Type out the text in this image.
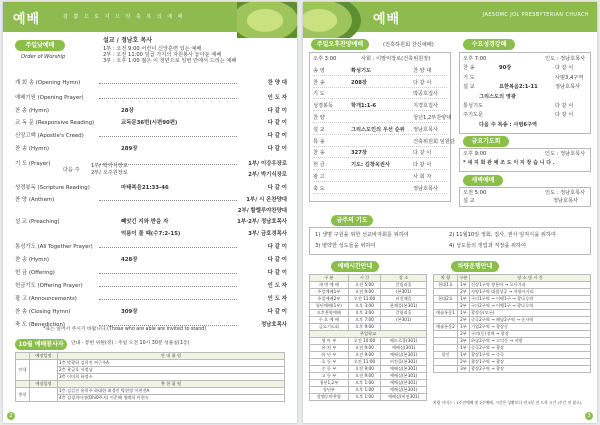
예배	감 쁨 으 로 지 으 라 축 복 의 예 배
주일낮예배
Order of Worship
설교 / 정남호 목사
1부 : 오전 9:00 어린이 신앙훈련 있는 예배
2부 : 오전 11:00 일곱 가지의 자원봉사 놓아둔 예배
3부 : 오후 1:00 젊은 이 청년으로 일번 안에서 드리는 예배
1부/ 박기식장로
2부/ 오주원장로
다음 주
*표는 일어서 주시기 바랍니다.(Those who are able are invited to stand)
10월 예배봉사자	안내 · 봉헌 위원(정) : 주일 오전 10시 30분 성물실(1층)
	예장일정	안 내 위 원
안내		1층 박광하 김희진 여근주A
		2층 곽금호 서정남
		3층 이미희 하정수
	예장일정	봉 헌 위 원
봉헌		1층 김길진 윤희주 하대한 최경진 박현정 이현진A
		4층 김경희아정(Ohi0주지) 이준혜 생례희 이현숙
2
개 회 송 (Opening Hymn)	찬 양 대
예배기원 (Opening Prayer)	인 도 자
찬 송 (Hymn)	28장	다 같 이
교 독 문 (Responsive Reading)	교독문36번(시편90편)	다 같 이
신앙고백 (Apostle's Creed)	다 같 이
찬 송 (Hymn)	289장	다 같 이
기 도 (Prayer)	1부/ 이강우장로
2부/ 박기식장로
성경봉독 (Scripture Reading)	마태복음21:33-46	다 같 이
찬 양 (Anthem)	1부/ 시 온찬양대
2부/ 할렐루야찬양대
설 교 (Preaching)	빼앗긴 지와 받을 자	1부·2부/ 정남호목사
억름이 볼 때(수7:2-15)	3부/ 금호경목사
통성기도 (All Together Prayer)	다 같 이
찬 송 (Hymn)	428장	다 같 이
헌 금 (Offering)	다 같 이
헌금기도 (Offering Prayer)	인 도 자
광 고 (Announcements)	인 도 자
찬 송 (Closing Hymn)	309장	다 같 이
축 도 (Benediction)	정남호목사
예배	JAESOMC JOL PRESBYTERIAN CHURCH
주일오후찬양예배	(진혹하원회 찬신예배)	수요성경강해
금요기도회
오후 9:00	인도 : 정남호목사
* 새 지 회 관 예 조 도 이 지 장 습 니 다 .
새벽예배
오전 5:00	인도 : 정남호목사
설 교	정남호목사
금주의 기도
1) 생명 구원을 위한 선교바자회를 위하여	2) 11월10일 정회, 집사, 권사 임직식을 위하여
3) 병약한 성도들을 위하여	4) 성도들의 생업과 직장을 위하여
예배시간안내
구 분	시 간	장 소
새 벽 예 배	오전 5:00	갈릴리홀
주일예배1부	오전 9:00	(본301)
주일예배2부	오전 11:00	비전채플
청년예배(1부)	오후 3:00	본채플(본301)
오후찬양예배	오후 3:00	갈릴리홀
수 요 예 배	오후 7:00	(본301)
금요기도회	오후 9:00	
주일학교		
영 아 부	오전 10:00	베드로홀(301)
유 치 부	오전 9:00	예배실(301)
유 년 부	오전 9:00	예배실(본301)
초 등 부	오전 11:00	비전홀(본301)
중 등 부	오전 9:00	예배실(본301)
고 등 부	오전 9:00	예배실(본301)
청년1,2부	오후 1:00	예배실(본301)
청년부	오후 1:00	예배실(본301)
할렐루야찬양	오후 1:00	예배실(비전301)
차량운행안내
차 량	구분	장 소 및 시 간
현대1호	1부	신상1구역 쌍용아 → 오사거리
	2부	자양1구역 대림성공 → 자양사거리
현대2호	1부	구의1구역 → 이팽1구 → 광나루역
	2부	구의2구역 → 이팽1구 → 광나루역
예술통운1	1부	광장동(모든)
	2부	중곡2구역 → 해남2구역 → 군자역
예술통운2	1부	기업2구역 → 광장동
	2부	구의(동)경역 → 광장
	3부	하남2구역 → 고덕동 → 지방
	1부	중곡2구역 → 광장
할인	1부	광장1구역 → 중곡
	2부	광장1구역 → 광장
	3부	광장2구역 → 광장
차량 서비스 : 1주전예배 및 2주예배, 시간은 상황보다 약 5분 전 도착 시간 (주간 전 광고).
3
오후 3:00	사회 : 이말익장로(건축위원장)
송 영	확성기도	찬 양 대
찬 송	208장	다 같 이
기 도	박공호집사
성경봉독	학개1:1-6	지경호집사
찬 양	청년1,2부찬양대
설 교	그리스도인의 우선 순위 정남호목사
특 송	건축위원회 임원단
찬 송	327장	다 같 이
헌 금	기도: 김창욱권사	다 같 이
광 고	사 회 자
축 도	정남호목사
오후 7:00	인도 : 정남호목사
찬 송	90장	다 같 이
기 도	사범3,4구역
설 교	요한복음2:1-11	정남호목사
그리스도의 영광
통성기도	다 같 이
주기도문	다 같 이
다음 주 특송 : 사범6구역
